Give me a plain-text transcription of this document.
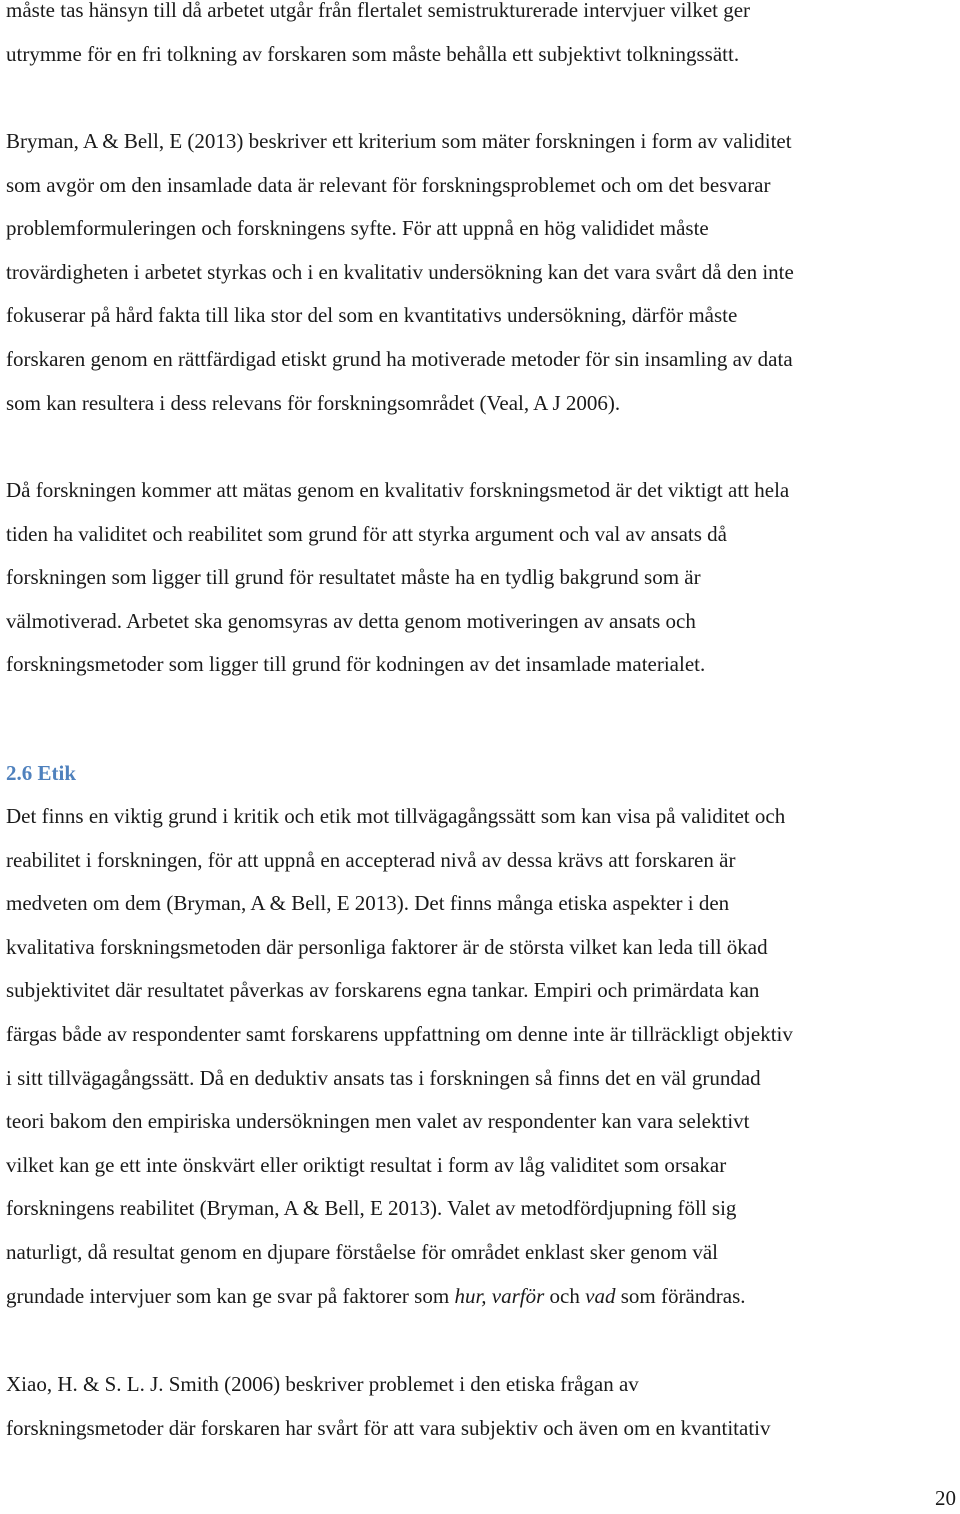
måste tas hänsyn till då arbetet utgår från flertalet semistrukturerade intervjuer vilket ger
utrymme för en fri tolkning av forskaren som måste behålla ett subjektivt tolkningssätt.

Bryman, A & Bell, E (2013) beskriver ett kriterium som mäter forskningen i form av validitet
som avgör om den insamlade data är relevant för forskningsproblemet och om det besvarar
problemformuleringen och forskningens syfte. För att uppnå en hög valididet måste
trovärdigheten i arbetet styrkas och i en kvalitativ undersökning kan det vara svårt då den inte
fokuserar på hård fakta till lika stor del som en kvantitativs undersökning, därför måste
forskaren genom en rättfärdigad etiskt grund ha motiverade metoder för sin insamling av data
som kan resultera i dess relevans för forskningsområdet (Veal, A J 2006).

Då forskningen kommer att mätas genom en kvalitativ forskningsmetod är det viktigt att hela
tiden ha validitet och reabilitet som grund för att styrka argument och val av ansats då
forskningen som ligger till grund för resultatet måste ha en tydlig bakgrund som är
välmotiverad. Arbetet ska genomsyras av detta genom motiveringen av ansats och
forskningsmetoder som ligger till grund för kodningen av det insamlade materialet.

2.6 Etik

Det finns en viktig grund i kritik och etik mot tillvägagångssätt som kan visa på validitet och
reabilitet i forskningen, för att uppnå en accepterad nivå av dessa krävs att forskaren är
medveten om dem (Bryman, A & Bell, E 2013). Det finns många etiska aspekter i den
kvalitativa forskningsmetoden där personliga faktorer är de största vilket kan leda till ökad
subjektivitet där resultatet påverkas av forskarens egna tankar. Empiri och primärdata kan
färgas både av respondenter samt forskarens uppfattning om denne inte är tillräckligt objektiv
i sitt tillvägagångssätt. Då en deduktiv ansats tas i forskningen så finns det en väl grundad
teori bakom den empiriska undersökningen men valet av respondenter kan vara selektivt
vilket kan ge ett inte önskvärt eller oriktigt resultat i form av låg validitet som orsakar
forskningens reabilitet (Bryman, A & Bell, E 2013). Valet av metodfördjupning föll sig
naturligt, då resultat genom en djupare förståelse för området enklast sker genom väl
grundade intervjuer som kan ge svar på faktorer som hur, varför och vad som förändras.

Xiao, H. & S. L. J. Smith (2006) beskriver problemet i den etiska frågan av
forskningsmetoder där forskaren har svårt för att vara subjektiv och även om en kvantitativ

20
